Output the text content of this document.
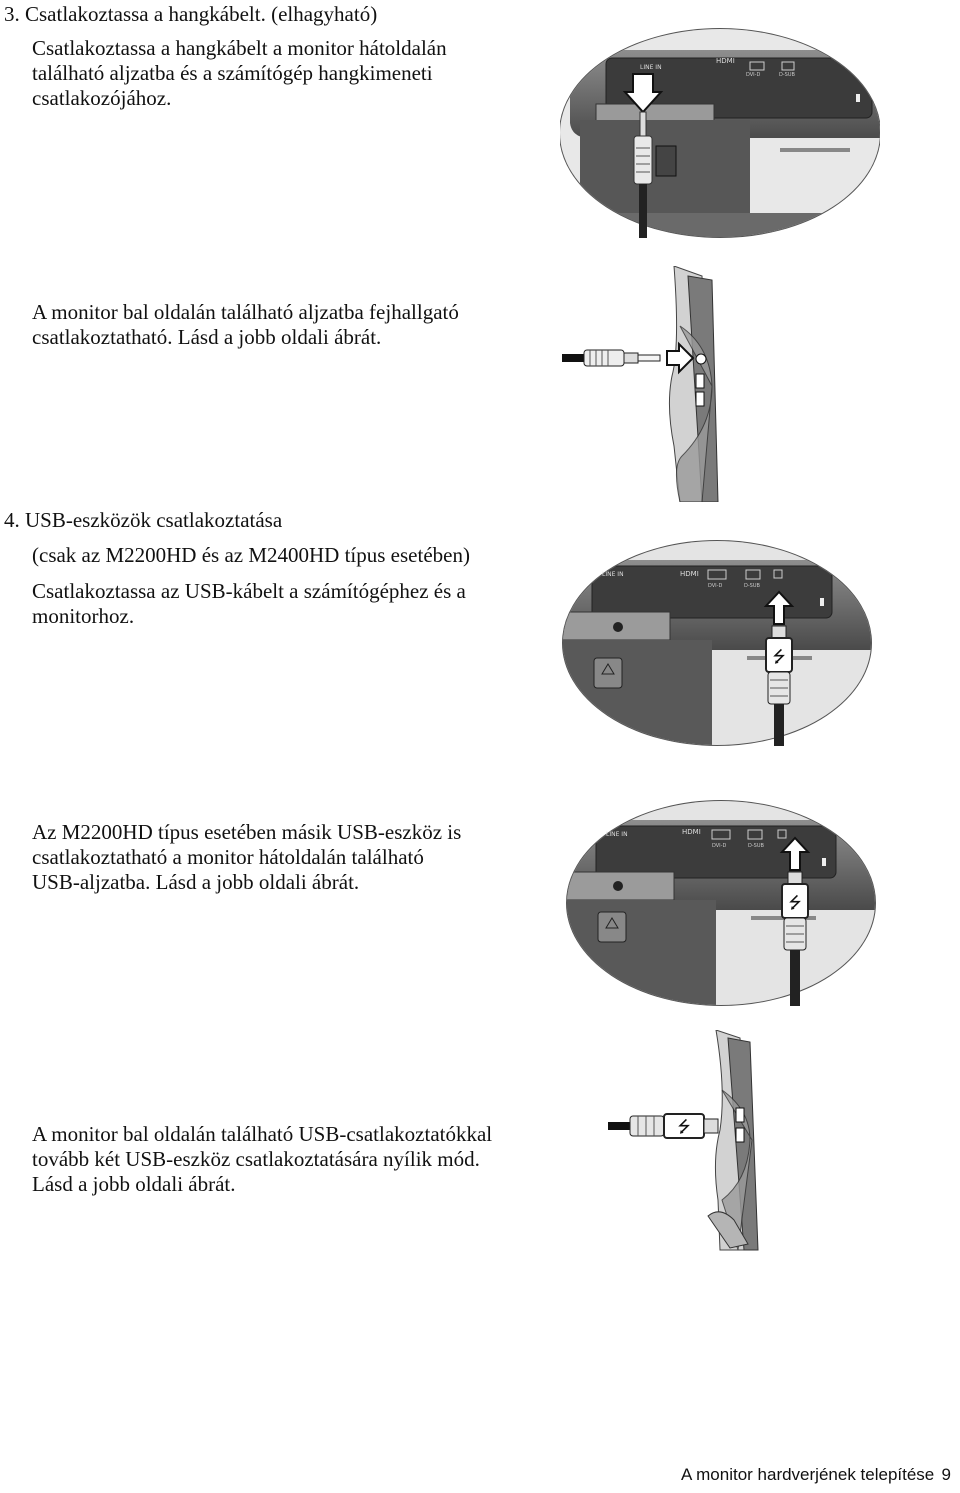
3. Csatlakoztassa a hangkábelt. (elhagyható)

Csatlakoztassa a hangkábelt a monitor hátoldalán
található aljzatba és a számítógép hangkimeneti
csatlakozójához.
LINE IN
HDMI
DVI-D	D-SUB
A monitor bal oldalán található aljzatba fejhallgató
csatlakoztatható. Lásd a jobb oldali ábrát.

4. USB-eszközök csatlakoztatása

(csak az M2200HD és az M2400HD típus esetében)

Csatlakoztassa az USB-kábelt a számítógéphez és a
monitorhoz.
LINE IN	HDMI
DVI-D	D-SUB
⭍
Az M2200HD típus esetében másik USB-eszköz is
csatlakoztatható a monitor hátoldalán található
USB-aljzatba. Lásd a jobb oldali ábrát.
LINE IN	HDMI
DVI-D	D-SUB
⭍
A monitor bal oldalán található USB-csatlakoztatókkal
tovább két USB-eszköz csatlakoztatására nyílik mód.
Lásd a jobb oldali ábrát.
⭍
A monitor hardverjének telepítése 9
